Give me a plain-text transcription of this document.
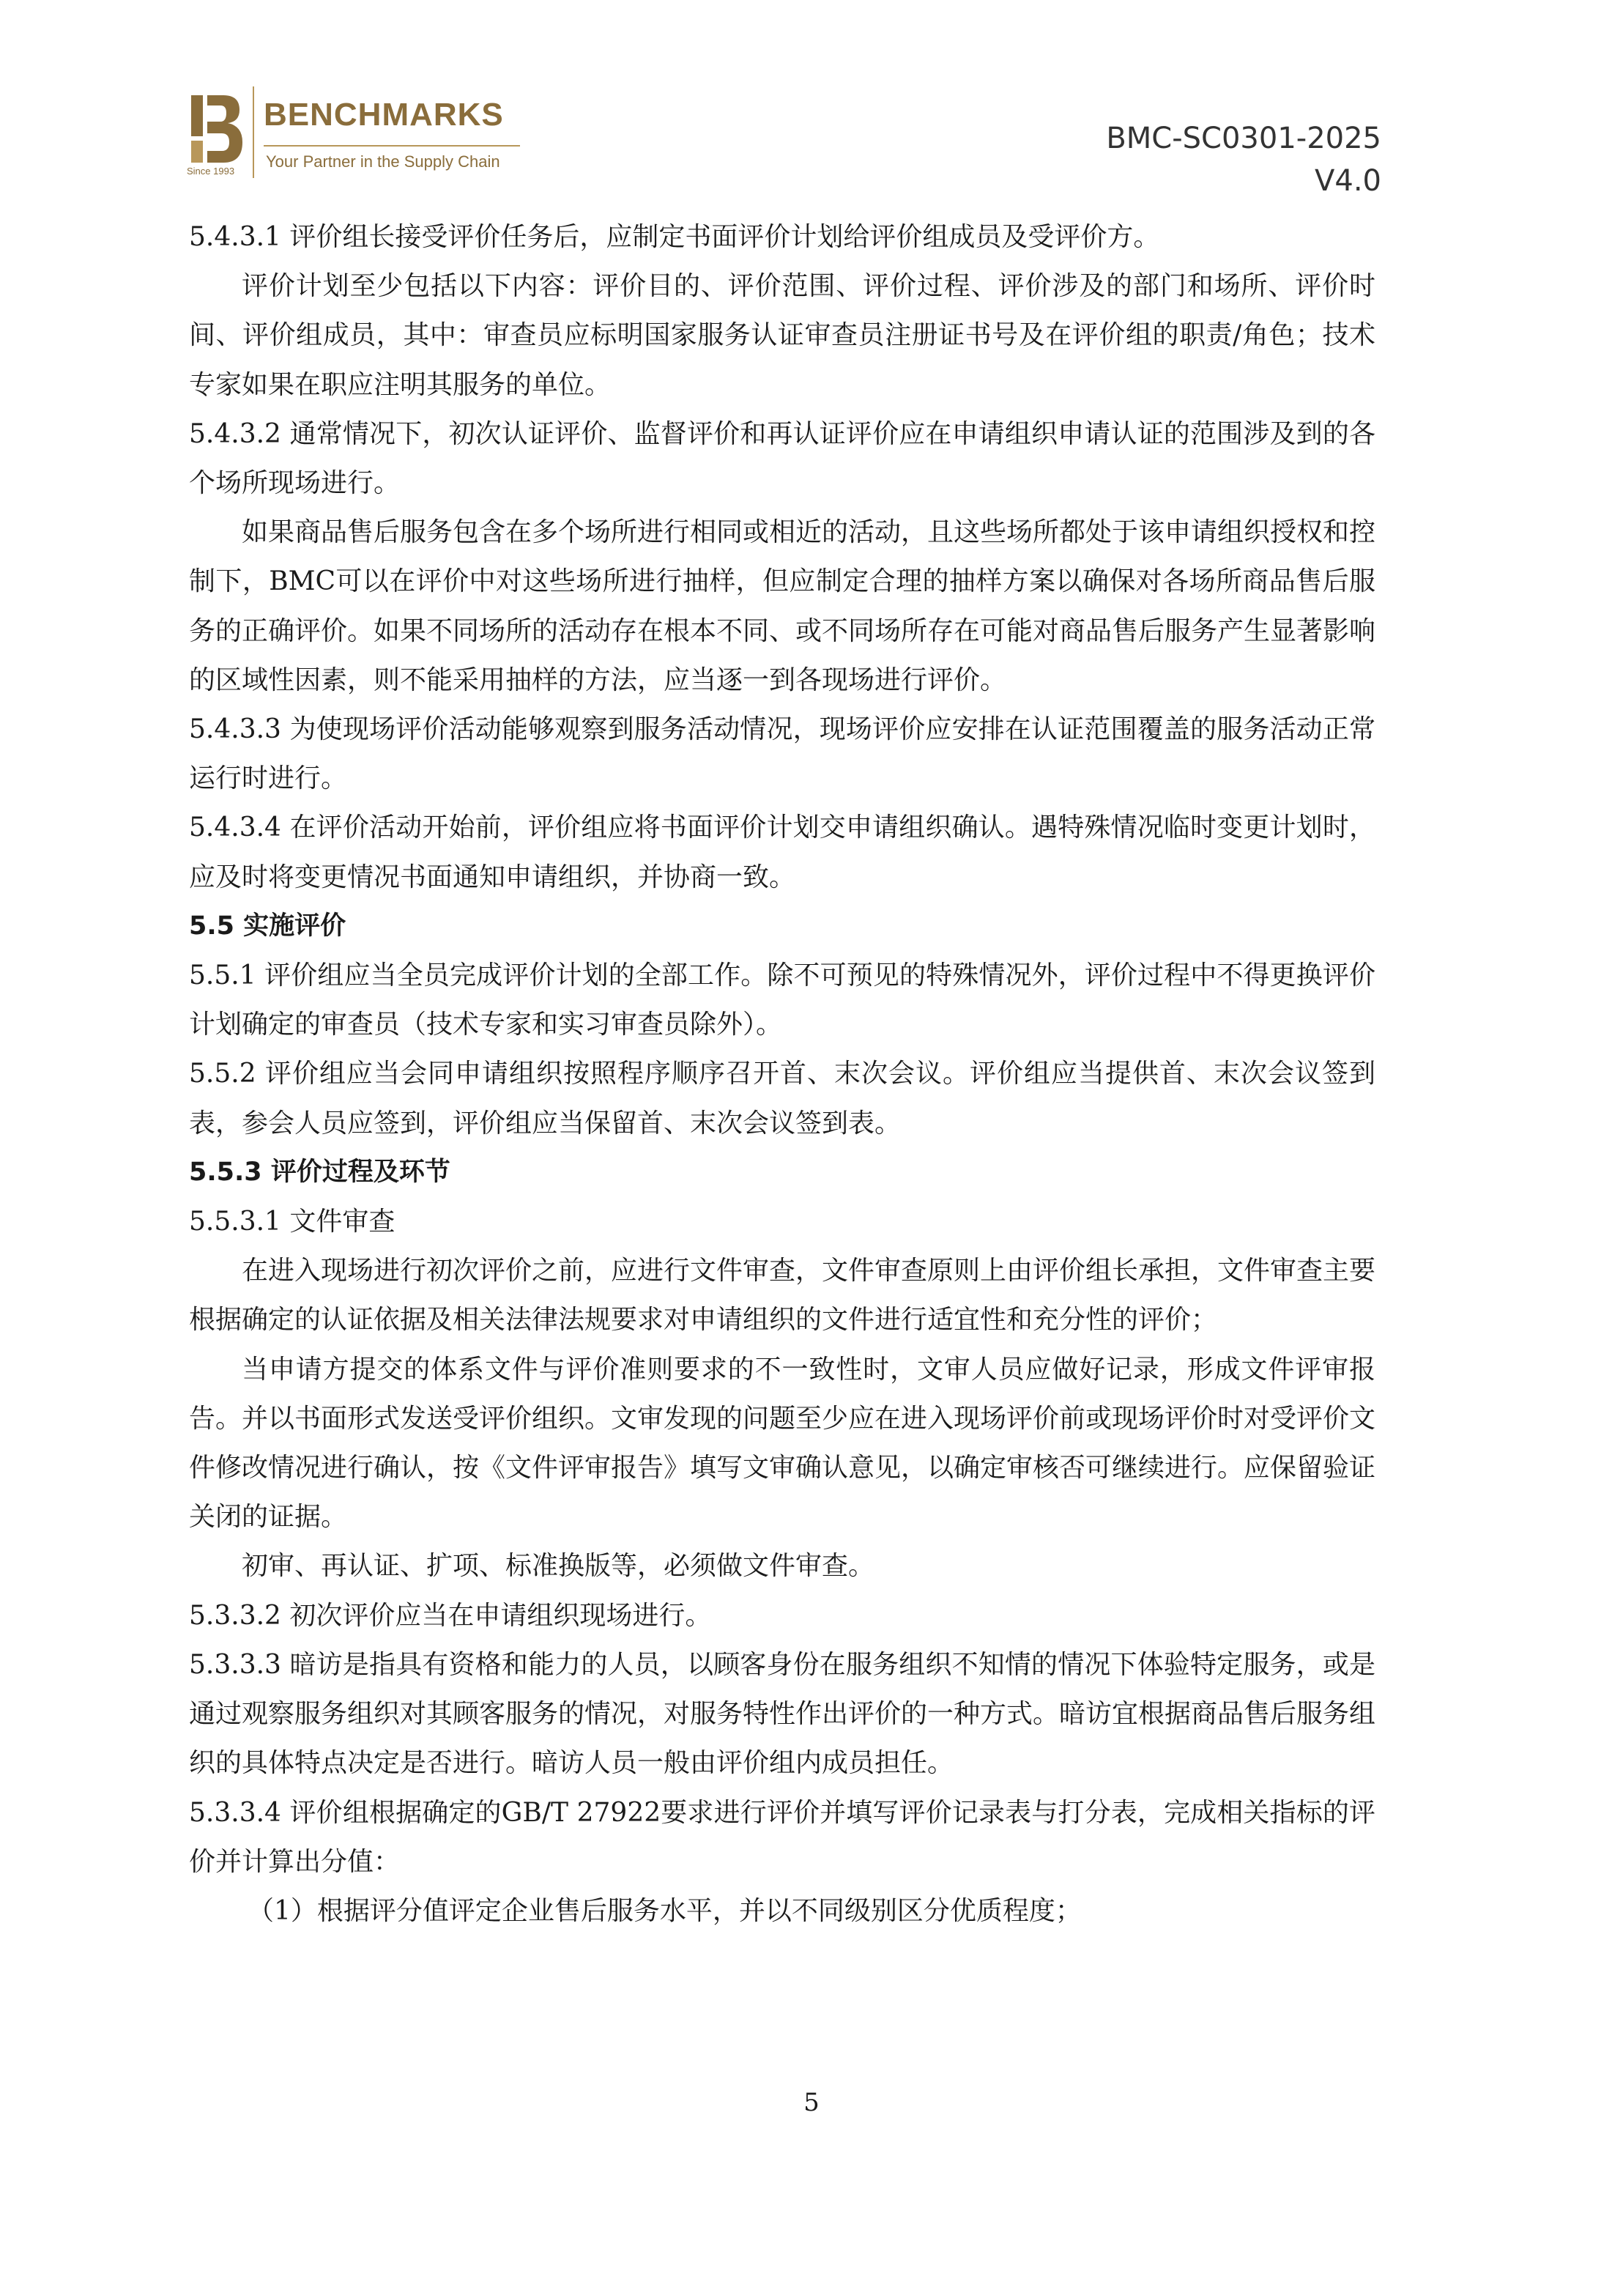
Since 1993
BENCHMARKS
Your Partner in the Supply Chain
BMC-SC0301-2025
V4.0

5.4.3.1 评价组长接受评价任务后，应制定书面评价计划给评价组成员及受评价方。

评价计划至少包括以下内容：评价目的、评价范围、评价过程、评价涉及的部门和场所、评价时间、评价组成员，其中：审查员应标明国家服务认证审查员注册证书号及在评价组的职责/角色；技术专家如果在职应注明其服务的单位。

5.4.3.2 通常情况下，初次认证评价、监督评价和再认证评价应在申请组织申请认证的范围涉及到的各个场所现场进行。

如果商品售后服务包含在多个场所进行相同或相近的活动，且这些场所都处于该申请组织授权和控制下，BMC可以在评价中对这些场所进行抽样，但应制定合理的抽样方案以确保对各场所商品售后服务的正确评价。如果不同场所的活动存在根本不同、或不同场所存在可能对商品售后服务产生显著影响的区域性因素，则不能采用抽样的方法，应当逐一到各现场进行评价。

5.4.3.3 为使现场评价活动能够观察到服务活动情况，现场评价应安排在认证范围覆盖的服务活动正常运行时进行。

5.4.3.4 在评价活动开始前，评价组应将书面评价计划交申请组织确认。遇特殊情况临时变更计划时，应及时将变更情况书面通知申请组织，并协商一致。

5.5 实施评价

5.5.1 评价组应当全员完成评价计划的全部工作。除不可预见的特殊情况外，评价过程中不得更换评价计划确定的审查员（技术专家和实习审查员除外）。

5.5.2 评价组应当会同申请组织按照程序顺序召开首、末次会议。评价组应当提供首、末次会议签到表，参会人员应签到，评价组应当保留首、末次会议签到表。

5.5.3 评价过程及环节

5.5.3.1 文件审查

在进入现场进行初次评价之前，应进行文件审查，文件审查原则上由评价组长承担，文件审查主要根据确定的认证依据及相关法律法规要求对申请组织的文件进行适宜性和充分性的评价；

当申请方提交的体系文件与评价准则要求的不一致性时，文审人员应做好记录，形成文件评审报告。并以书面形式发送受评价组织。文审发现的问题至少应在进入现场评价前或现场评价时对受评价文件修改情况进行确认，按《文件评审报告》填写文审确认意见，以确定审核否可继续进行。应保留验证关闭的证据。

初审、再认证、扩项、标准换版等，必须做文件审查。

5.3.3.2 初次评价应当在申请组织现场进行。

5.3.3.3 暗访是指具有资格和能力的人员，以顾客身份在服务组织不知情的情况下体验特定服务，或是通过观察服务组织对其顾客服务的情况，对服务特性作出评价的一种方式。暗访宜根据商品售后服务组织的具体特点决定是否进行。暗访人员一般由评价组内成员担任。

5.3.3.4 评价组根据确定的GB/T 27922要求进行评价并填写评价记录表与打分表，完成相关指标的评价并计算出分值：

（1）根据评分值评定企业售后服务水平，并以不同级别区分优质程度；

5
